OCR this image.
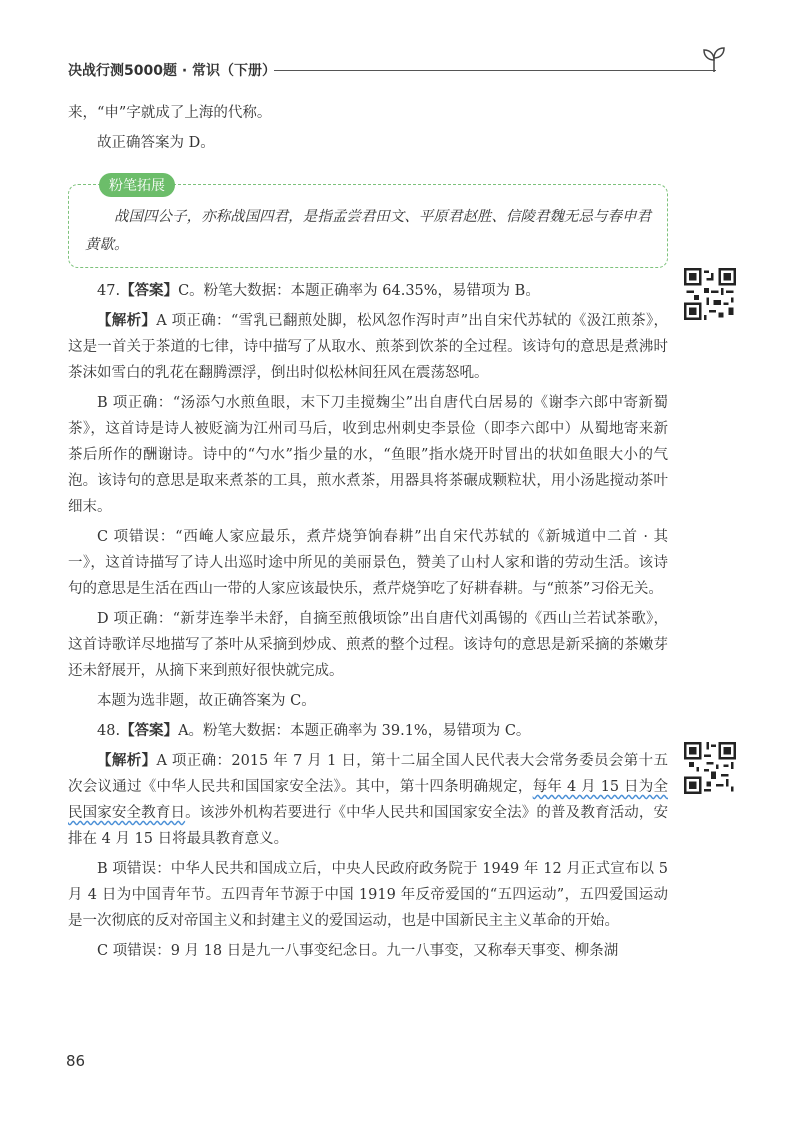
决战行测5000题 · 常识（下册）

来，“申”字就成了上海的代称。

故正确答案为 D。

粉笔拓展

战国四公子，亦称战国四君，是指孟尝君田文、平原君赵胜、信陵君魏无忌与春申君黄歇。

47.【答案】C。粉笔大数据：本题正确率为 64.35%，易错项为 B。

【解析】A 项正确：“雪乳已翻煎处脚，松风忽作泻时声”出自宋代苏轼的《汲江煎茶》，这是一首关于茶道的七律，诗中描写了从取水、煎茶到饮茶的全过程。该诗句的意思是煮沸时茶沫如雪白的乳花在翻腾漂浮，倒出时似松林间狂风在震荡怒吼。

B 项正确：“汤添勺水煎鱼眼，末下刀圭搅麹尘”出自唐代白居易的《谢李六郎中寄新蜀茶》，这首诗是诗人被贬滴为江州司马后，收到忠州刺史李景俭（即李六郎中）从蜀地寄来新茶后所作的酬谢诗。诗中的“勺水”指少量的水，“鱼眼”指水烧开时冒出的状如鱼眼大小的气泡。该诗句的意思是取来煮茶的工具，煎水煮茶，用器具将茶碾成颗粒状，用小汤匙搅动茶叶细末。

C 项错误：“西崦人家应最乐，煮芹烧笋饷春耕”出自宋代苏轼的《新城道中二首 · 其一》，这首诗描写了诗人出巡时途中所见的美丽景色，赞美了山村人家和谐的劳动生活。该诗句的意思是生活在西山一带的人家应该最快乐，煮芹烧笋吃了好耕春耕。与“煎茶”习俗无关。

D 项正确：“新芽连拳半未舒，自摘至煎俄顷馀”出自唐代刘禹锡的《西山兰若试茶歌》，这首诗歌详尽地描写了茶叶从采摘到炒成、煎煮的整个过程。该诗句的意思是新采摘的茶嫩芽还未舒展开，从摘下来到煎好很快就完成。

本题为选非题，故正确答案为 C。

48.【答案】A。粉笔大数据：本题正确率为 39.1%，易错项为 C。

【解析】A 项正确：2015 年 7 月 1 日，第十二届全国人民代表大会常务委员会第十五次会议通过《中华人民共和国国家安全法》。其中，第十四条明确规定，每年 4 月 15 日为全民国家安全教育日。该涉外机构若要进行《中华人民共和国国家安全法》的普及教育活动，安排在 4 月 15 日将最具教育意义。

B 项错误：中华人民共和国成立后，中央人民政府政务院于 1949 年 12 月正式宣布以 5 月 4 日为中国青年节。五四青年节源于中国 1919 年反帝爱国的“五四运动”，五四爱国运动是一次彻底的反对帝国主义和封建主义的爱国运动，也是中国新民主主义革命的开始。

C 项错误：9 月 18 日是九一八事变纪念日。九一八事变，又称奉天事变、柳条湖

86
